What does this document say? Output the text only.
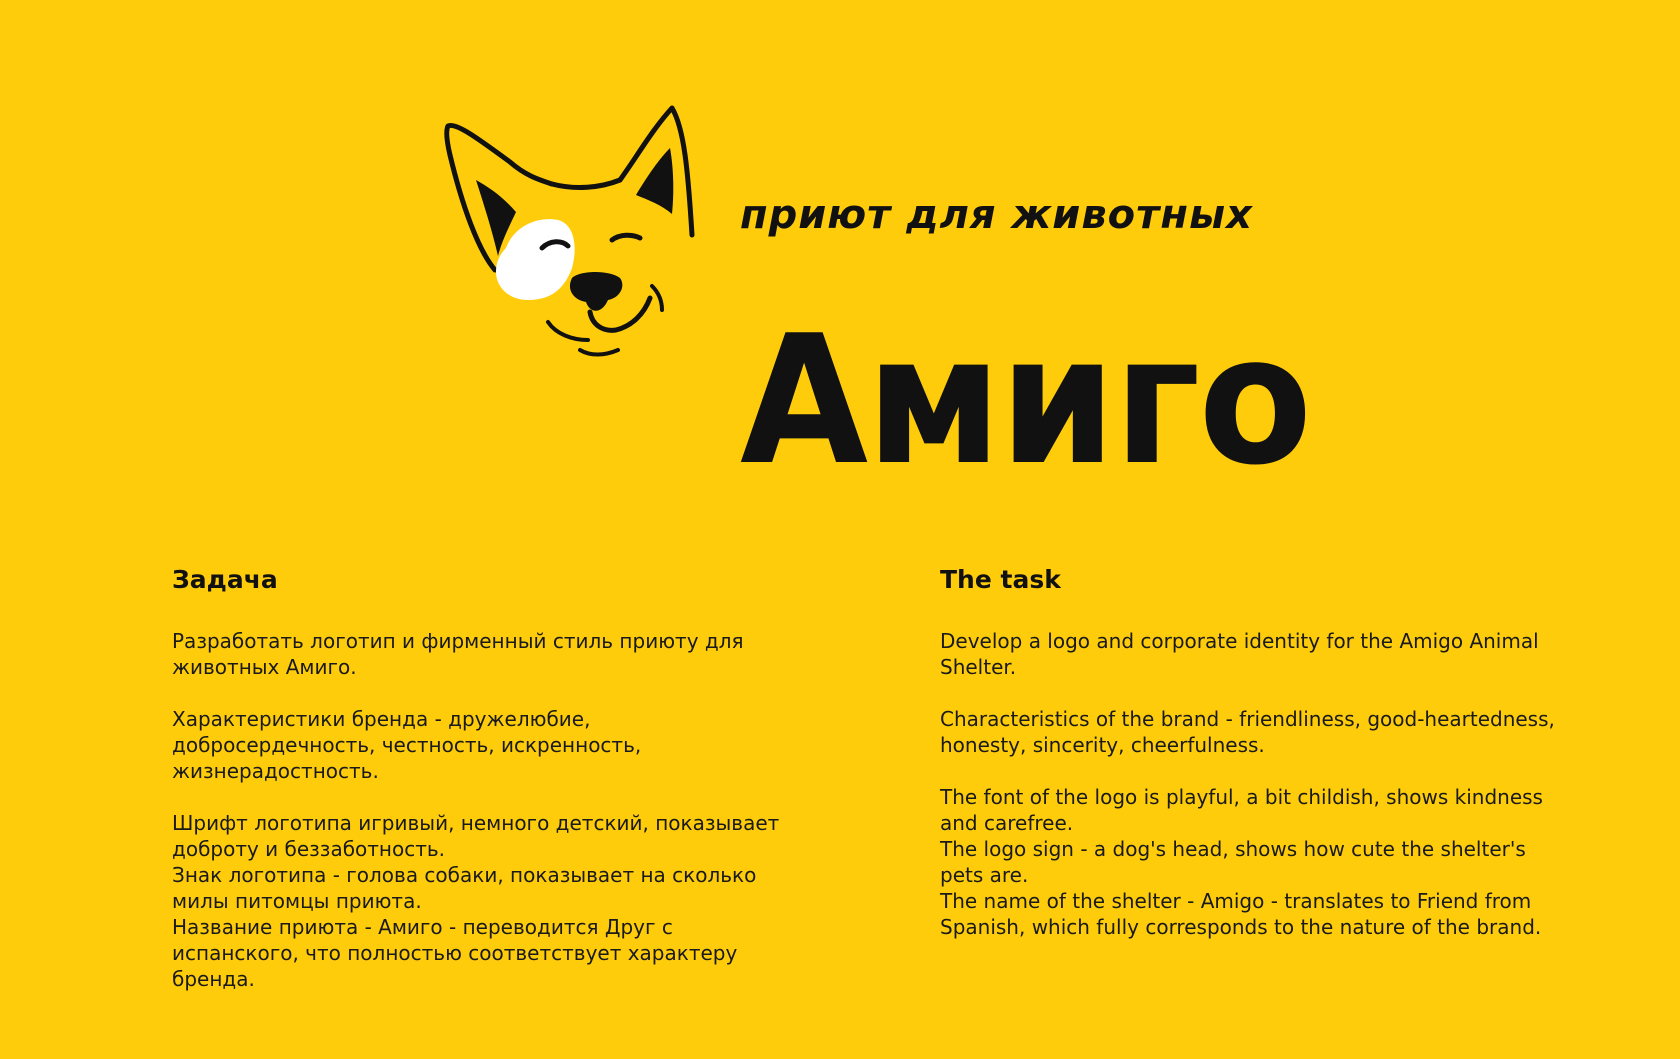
приют для животных

Амиго

Задача

Разработать логотип и фирменный стиль приюту для животных Амиго.

Характеристики бренда - дружелюбие, доброcердечность, честность, искренность, жизнерадостность.

Шрифт логотипа игривый, немного детский, показывает доброту и беззаботность.

Знак логотипа - голова собаки, показывает на сколько милы питомцы приюта.

Название приюта - Амиго - переводится Друг с испанского, что полностью соответствует характеру бренда.

The task

Develop a logo and corporate identity for the Amigo Animal Shelter.

Characteristics of the brand - friendliness, good-heartedness, honesty, sincerity, cheerfulness.

The font of the logo is playful, a bit childish, shows kindness and carefree.

The logo sign - a dog's head, shows how cute the shelter's pets are.

The name of the shelter - Amigo - translates to Friend from Spanish, which fully corresponds to the nature of the brand.
